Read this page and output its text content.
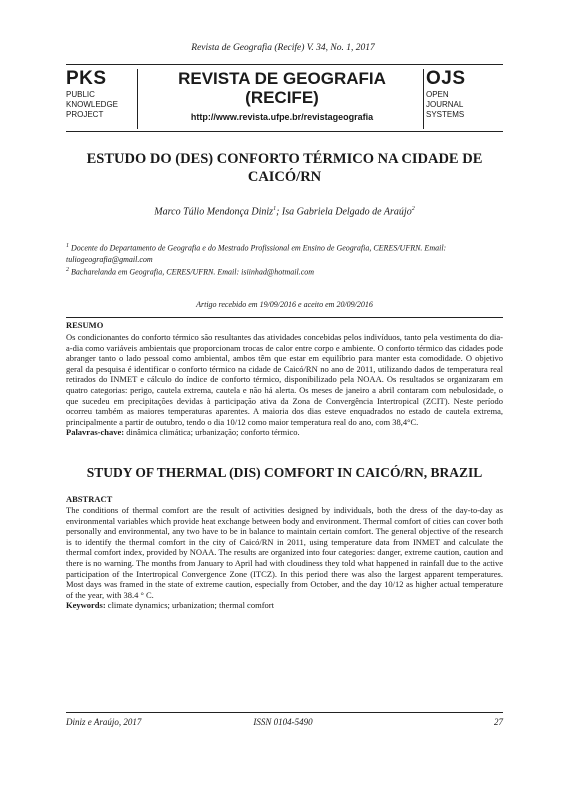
Revista de Geografia (Recife) V. 34, No. 1, 2017
PKS
PUBLIC
KNOWLEDGE
PROJECT
REVISTA DE GEOGRAFIA
(RECIFE)
http://www.revista.ufpe.br/revistageografia
OJS
OPEN
JOURNAL
SYSTEMS
ESTUDO DO (DES) CONFORTO TÉRMICO NA CIDADE DE
CAICÓ/RN
Marco Túlio Mendonça Diniz$^1$; Isa Gabriela Delgado de Araújo$^2$
$^1$ Docente do Departamento de Geografia e do Mestrado Profissional em Ensino de Geografia, CERES/UFRN. Email: tuliogeografia@gmail.com
$^2$ Bacharelanda em Geografia, CERES/UFRN. Email: isiinhad@hotmail.com
Artigo recebido em 19/09/2016 e aceito em 20/09/2016
RESUMO
Os condicionantes do conforto térmico são resultantes das atividades concebidas pelos indivíduos, tanto pela vestimenta do dia-a-dia como variáveis ambientais que proporcionam trocas de calor entre corpo e ambiente. O conforto térmico das cidades pode abranger tanto o lado pessoal como ambiental, ambos têm que estar em equilíbrio para manter esta comodidade. O objetivo geral da pesquisa é identificar o conforto térmico na cidade de Caicó/RN no ano de 2011, utilizando dados de temperatura real retirados do INMET e cálculo do índice de conforto térmico, disponibilizado pela NOAA. Os resultados se organizaram em quatro categorias: perigo, cautela extrema, cautela e não há alerta. Os meses de janeiro a abril contaram com nebulosidade, o que sucedeu em precipitações devidas à participação ativa da Zona de Convergência Intertropical (ZCIT). Neste período ocorreu também as maiores temperaturas aparentes. A maioria dos dias esteve enquadrados no estado de cautela extrema, principalmente a partir de outubro, tendo o dia 10/12 como maior temperatura real do ano, com 38,4°C.
Palavras-chave: dinâmica climática; urbanização; conforto térmico.
STUDY OF THERMAL (DIS) COMFORT IN CAICÓ/RN, BRAZIL
ABSTRACT
The conditions of thermal comfort are the result of activities designed by individuals, both the dress of the day-to-day as environmental variables which provide heat exchange between body and environment. Thermal comfort of cities can cover both personally and environmental, any two have to be in balance to maintain certain comfort. The general objective of the research is to identify the thermal comfort in the city of Caicó/RN in 2011, using temperature data from INMET and calculate the thermal comfort index, provided by NOAA. The results are organized into four categories: danger, extreme caution, caution and there is no warning. The months from January to April had with cloudiness they told what happened in rainfall due to the active participation of the Intertropical Convergence Zone (ITCZ). In this period there was also the largest apparent temperatures. Most days was framed in the state of extreme caution, especially from October, and the day 10/12 as higher actual temperature of the year, with 38.4 ° C.
Keywords: climate dynamics; urbanization; thermal comfort
Diniz e Araújo, 2017	ISSN 0104-5490	27
